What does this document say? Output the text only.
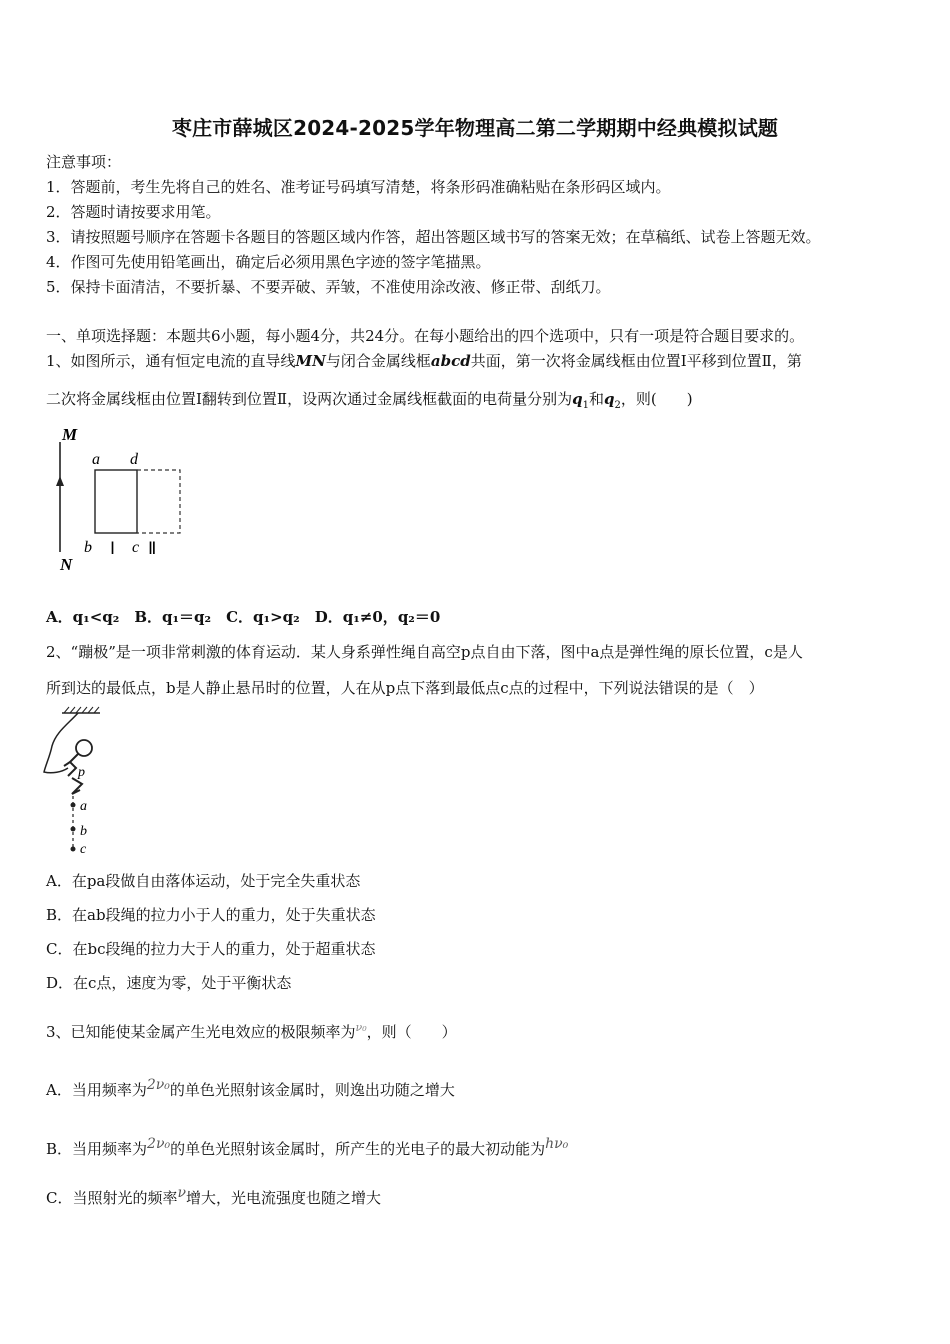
枣庄市薛城区2024-2025学年物理高二第二学期期中经典模拟试题
注意事项：
1．答题前，考生先将自己的姓名、准考证号码填写清楚，将条形码准确粘贴在条形码区域内。
2．答题时请按要求用笔。
3．请按照题号顺序在答题卡各题目的答题区域内作答，超出答题区域书写的答案无效；在草稿纸、试卷上答题无效。
4．作图可先使用铅笔画出，确定后必须用黑色字迹的签字笔描黑。
5．保持卡面清洁，不要折暴、不要弄破、弄皱，不准使用涂改液、修正带、刮纸刀。
一、单项选择题：本题共6小题，每小题4分，共24分。在每小题给出的四个选项中，只有一项是符合题目要求的。
1、如图所示，通有恒定电流的直导线MN与闭合金属线框abcd共面，第一次将金属线框由位置Ⅰ平移到位置Ⅱ，第
二次将金属线框由位置Ⅰ翻转到位置Ⅱ，设两次通过金属线框截面的电荷量分别为$q_1$和$q_2$，则(　　)
M
N
a d
b Ⅰ c Ⅱ
A．q₁<q₂　B．q₁＝q₂　C．q₁>q₂　D．q₁≠0，q₂＝0
2、“蹦极”是一项非常刺激的体育运动．某人身系弹性绳自高空p点自由下落，图中a点是弹性绳的原长位置，c是人
所到达的最低点，b是人静止悬吊时的位置，人在从p点下落到最低点c点的过程中，下列说法错误的是（　）
p
a
b
c
A．在pa段做自由落体运动，处于完全失重状态
B．在ab段绳的拉力小于人的重力，处于失重状态
C．在bc段绳的拉力大于人的重力，处于超重状态
D．在c点，速度为零，处于平衡状态
3、已知能使某金属产生光电效应的极限频率为$^{\nu_0}$，则（　　）
A．当用频率为2ν₀的单色光照射该金属时，则逸出功随之增大
B．当用频率为2ν₀的单色光照射该金属时，所产生的光电子的最大初动能为hν₀
C．当照射光的频率ν增大，光电流强度也随之增大
